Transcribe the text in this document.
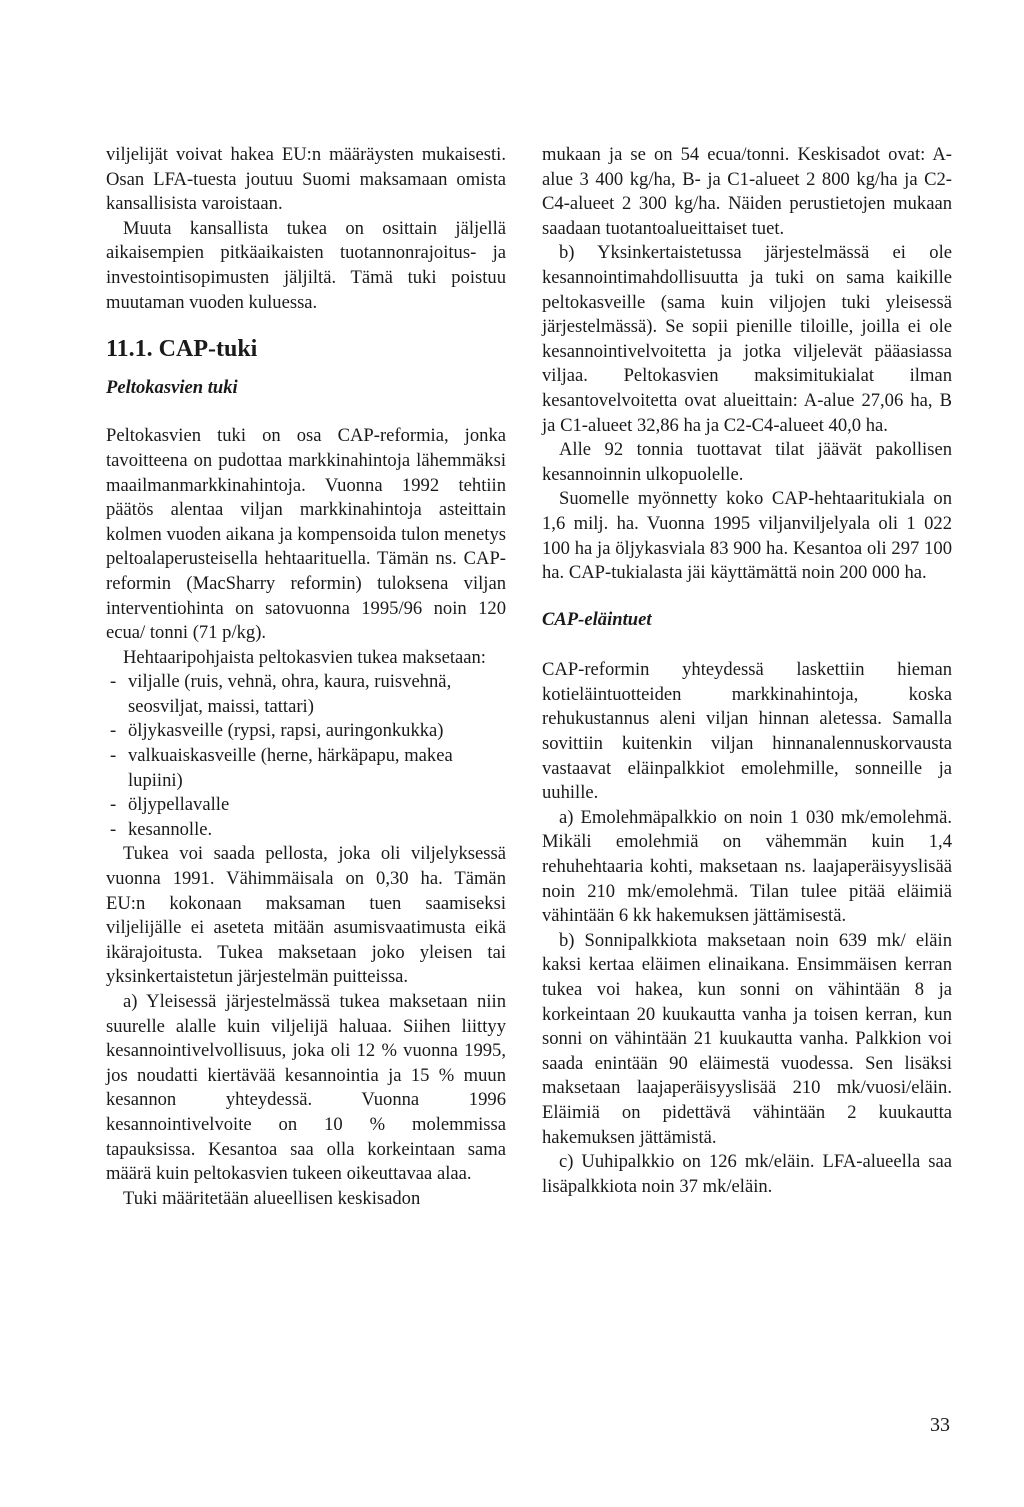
viljelijät voivat hakea EU:n määräysten mukaisesti. Osan LFA-tuesta joutuu Suomi maksamaan omista kansallisista varoistaan.

Muuta kansallista tukea on osittain jäljellä aikaisempien pitkäaikaisten tuotannonrajoitus- ja investointisopimusten jäljiltä. Tämä tuki poistuu muutaman vuoden kuluessa.

11.1. CAP-tuki

Peltokasvien tuki

Peltokasvien tuki on osa CAP-reformia, jonka tavoitteena on pudottaa markkinahintoja lähemmäksi maailmanmarkkinahintoja. Vuonna 1992 tehtiin päätös alentaa viljan markkinahintoja asteittain kolmen vuoden aikana ja kompensoida tulon menetys peltoalaperusteisella hehtaarituella. Tämän ns. CAP-reformin (MacSharry reformin) tuloksena viljan interventiohinta on satovuonna 1995/96 noin 120 ecua/ tonni (71 p/kg).

Hehtaaripohjaista peltokasvien tukea maksetaan:

- viljalle (ruis, vehnä, ohra, kaura, ruisvehnä, seosviljat, maissi, tattari)
- öljykasveille (rypsi, rapsi, auringonkukka)
- valkuaiskasveille (herne, härkäpapu, makea lupiini)
- öljypellavalle
- kesannolle.

Tukea voi saada pellosta, joka oli viljelyksessä vuonna 1991. Vähimmäisala on 0,30 ha. Tämän EU:n kokonaan maksaman tuen saamiseksi viljelijälle ei aseteta mitään asumisvaatimusta eikä ikärajoitusta. Tukea maksetaan joko yleisen tai yksinkertaistetun järjestelmän puitteissa.

a) Yleisessä järjestelmässä tukea maksetaan niin suurelle alalle kuin viljelijä haluaa. Siihen liittyy kesannointivelvollisuus, joka oli 12 % vuonna 1995, jos noudatti kiertävää kesannointia ja 15 % muun kesannon yhteydessä. Vuonna 1996 kesannointivelvoite on 10 % molemmissa tapauksissa. Kesantoa saa olla korkeintaan sama määrä kuin peltokasvien tukeen oikeuttavaa alaa.

Tuki määritetään alueellisen keskisadon

mukaan ja se on 54 ecua/tonni. Keskisadot ovat: A-alue 3 400 kg/ha, B- ja C1-alueet 2 800 kg/ha ja C2-C4-alueet 2 300 kg/ha. Näiden perustietojen mukaan saadaan tuotantoalueittaiset tuet.

b) Yksinkertaistetussa järjestelmässä ei ole kesannointimahdollisuutta ja tuki on sama kaikille peltokasveille (sama kuin viljojen tuki yleisessä järjestelmässä). Se sopii pienille tiloille, joilla ei ole kesannointivelvoitetta ja jotka viljelevät pääasiassa viljaa. Peltokasvien maksimitukialat ilman kesantovelvoitetta ovat alueittain: A-alue 27,06 ha, B ja C1-alueet 32,86 ha ja C2-C4-alueet 40,0 ha.

Alle 92 tonnia tuottavat tilat jäävät pakollisen kesannoinnin ulkopuolelle.

Suomelle myönnetty koko CAP-hehtaaritukiala on 1,6 milj. ha. Vuonna 1995 viljanviljelyala oli 1 022 100 ha ja öljykasviala 83 900 ha. Kesantoa oli 297 100 ha. CAP-tukialasta jäi käyttämättä noin 200 000 ha.

CAP-eläintuet

CAP-reformin yhteydessä laskettiin hieman kotieläintuotteiden markkinahintoja, koska rehukustannus aleni viljan hinnan aletessa. Samalla sovittiin kuitenkin viljan hinnanalennuskorvausta vastaavat eläinpalkkiot emolehmille, sonneille ja uuhille.

a) Emolehmäpalkkio on noin 1 030 mk/emolehmä. Mikäli emolehmiä on vähemmän kuin 1,4 rehuhehtaaria kohti, maksetaan ns. laajaperäisyyslisää noin 210 mk/emolehmä. Tilan tulee pitää eläimiä vähintään 6 kk hakemuksen jättämisestä.

b) Sonnipalkkiota maksetaan noin 639 mk/ eläin kaksi kertaa eläimen elinaikana. Ensimmäisen kerran tukea voi hakea, kun sonni on vähintään 8 ja korkeintaan 20 kuukautta vanha ja toisen kerran, kun sonni on vähintään 21 kuukautta vanha. Palkkion voi saada enintään 90 eläimestä vuodessa. Sen lisäksi maksetaan laajaperäisyyslisää 210 mk/vuosi/eläin. Eläimiä on pidettävä vähintään 2 kuukautta hakemuksen jättämistä.

c) Uuhipalkkio on 126 mk/eläin. LFA-alueella saa lisäpalkkiota noin 37 mk/eläin.

33
